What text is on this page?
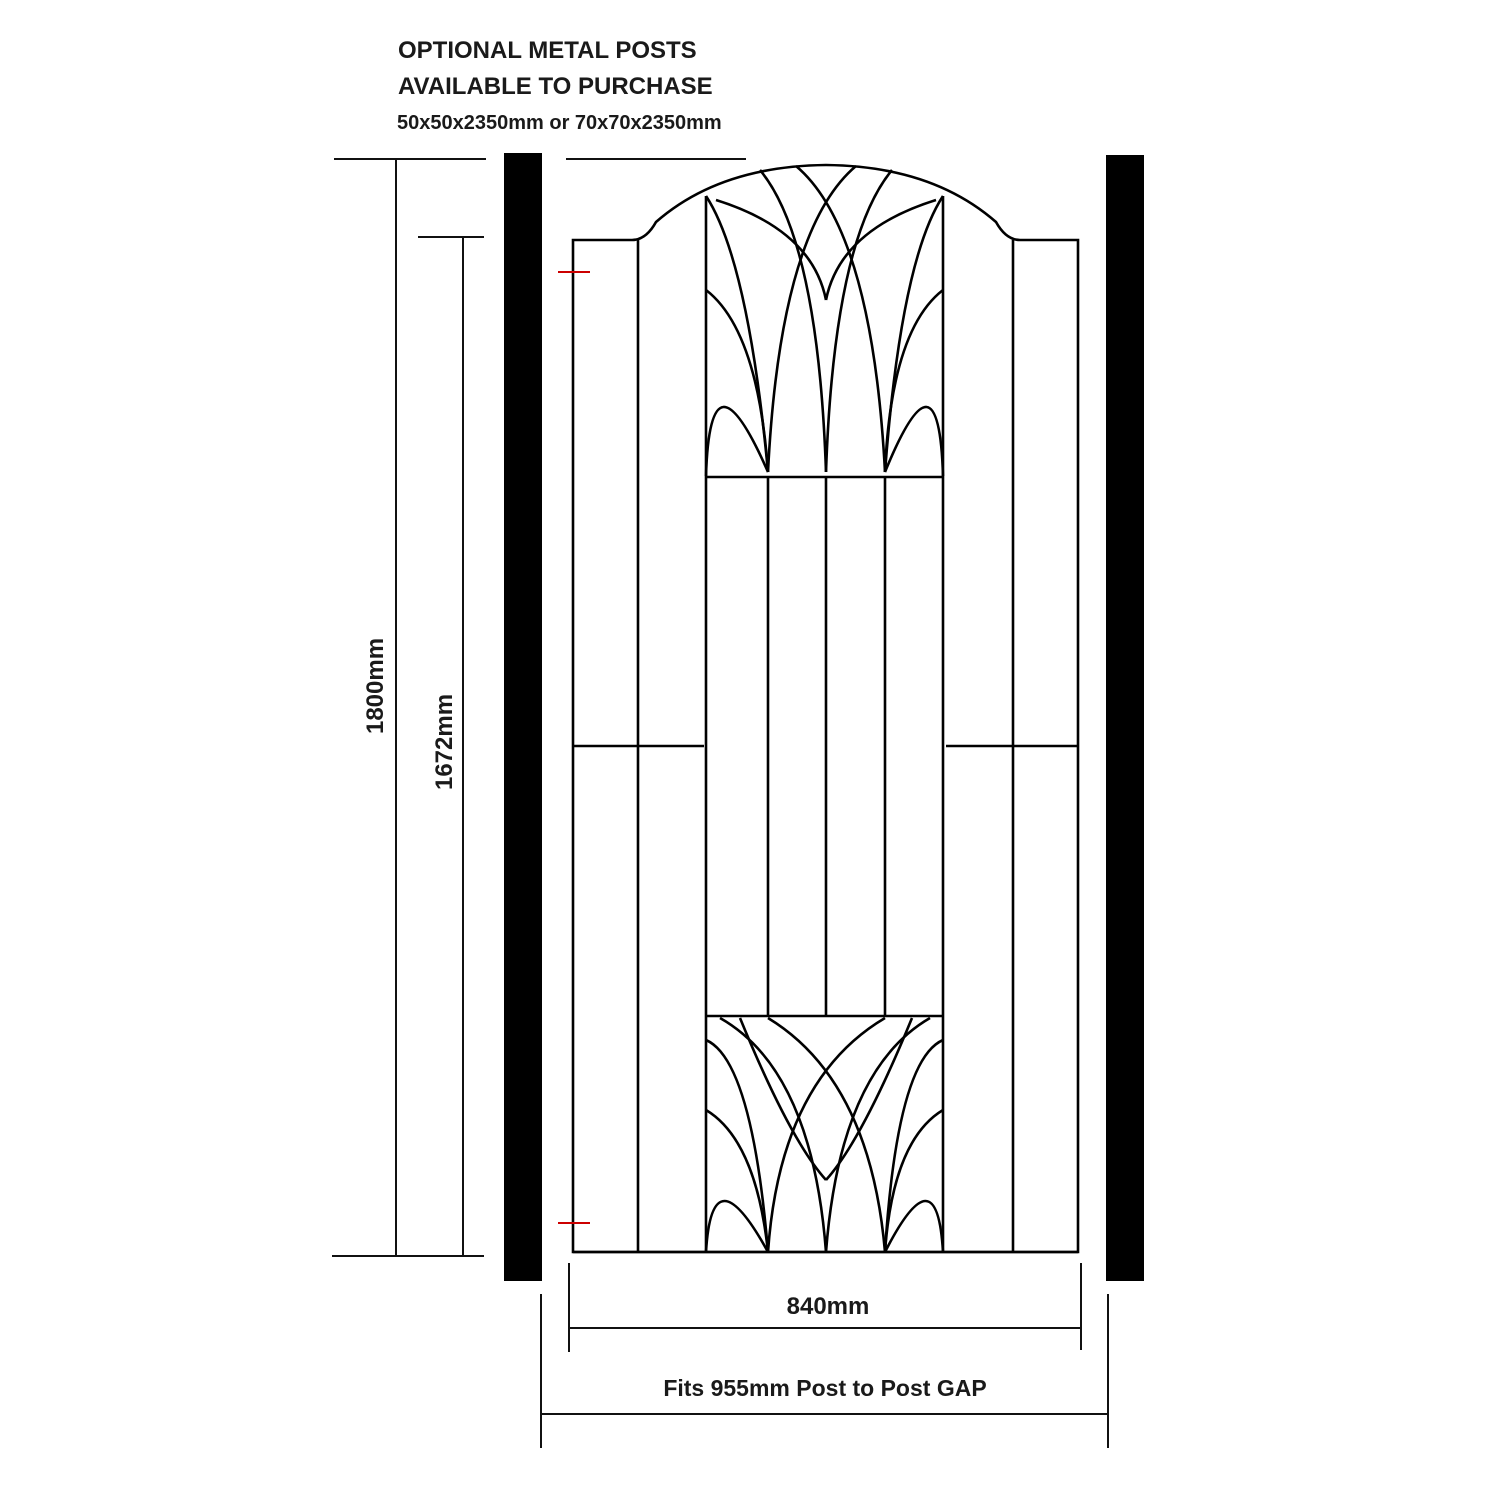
OPTIONAL METAL POSTS
AVAILABLE TO PURCHASE
50x50x2350mm or 70x70x2350mm
1800mm
1672mm
840mm
Fits 955mm Post to Post GAP
